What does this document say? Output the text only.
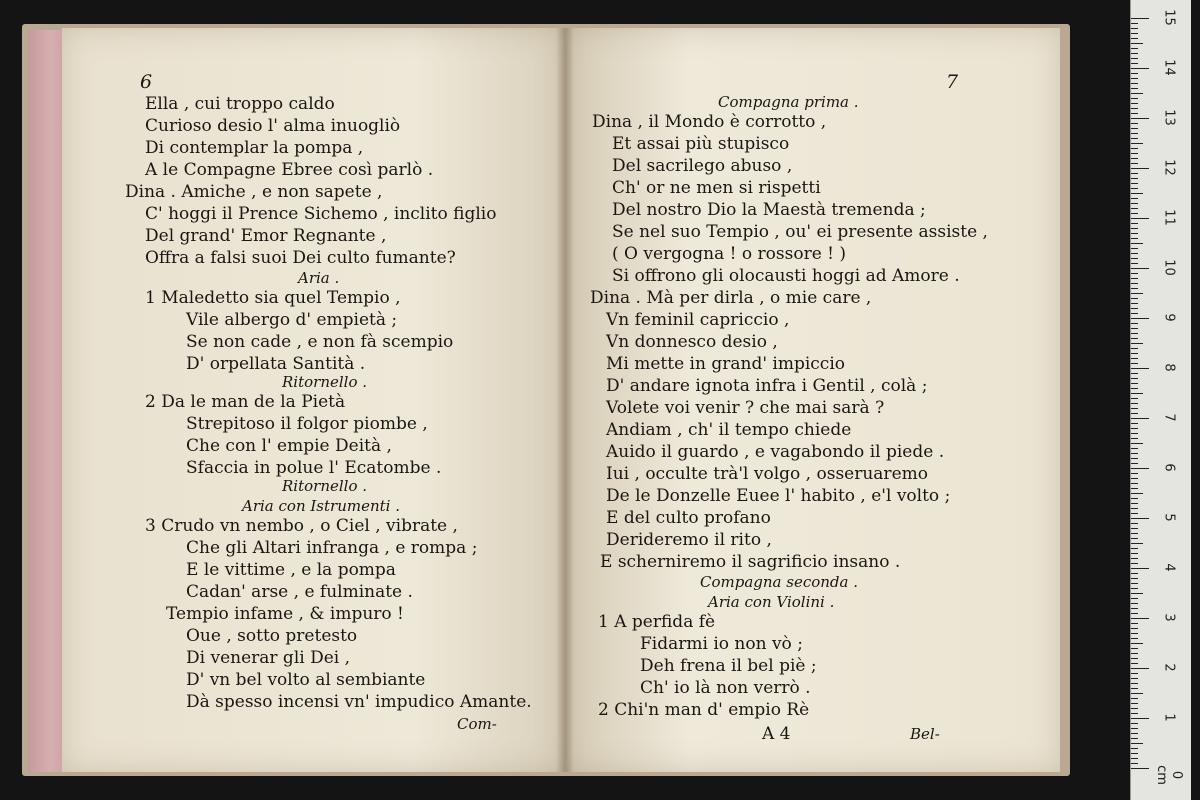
6
Ella , cui troppo caldo
Curioso desio l' alma inuogliò
Di contemplar la pompa ,
A le Compagne Ebree così parlò .
Dina . Amiche , e non sapete ,
C' hoggi il Prence Sichemo , inclito figlio
Del grand' Emor Regnante ,
Offra a falsi suoi Dei culto fumante?
Aria .
1 Maledetto sia quel Tempio ,
Vile albergo d' empietà ;
Se non cade , e non fà scempio
D' orpellata Santità .
Ritornello .
2 Da le man de la Pietà
Strepitoso il folgor piombe ,
Che con l' empie Deità ,
Sfaccia in polue l' Ecatombe .
Ritornello .
Aria con Istrumenti .
3 Crudo vn nembo , o Ciel , vibrate ,
Che gli Altari infranga , e rompa ;
E le vittime , e la pompa
Cadan' arse , e fulminate .
Tempio infame , & impuro !
Oue , sotto pretesto
Di venerar gli Dei ,
D' vn bel volto al sembiante
Dà spesso incensi vn' impudico Amante.
Com-
7
Compagna prima .
Dina , il Mondo è corrotto ,
Et assai più stupisco
Del sacrilego abuso ,
Ch' or ne men si rispetti
Del nostro Dio la Maestà tremenda ;
Se nel suo Tempio , ou' ei presente assiste ,
( O vergogna ! o rossore ! )
Si offrono gli olocausti hoggi ad Amore .
Dina . Mà per dirla , o mie care ,
Vn feminil capriccio ,
Vn donnesco desio ,
Mi mette in grand' impiccio
D' andare ignota infra i Gentil , colà ;
Volete voi venir ? che mai sarà ?
Andiam , ch' il tempo chiede
Auido il guardo , e vagabondo il piede .
Iui , occulte trà'l volgo , osseruaremo
De le Donzelle Euee l' habito , e'l volto ;
E del culto profano
Derideremo il rito ,
E scherniremo il sagrificio insano .
Compagna seconda .
Aria con Violini .
1 A perfida fè
Fidarmi io non vò ;
Deh frena il bel piè ;
Ch' io là non verrò .
2 Chi'n man d' empio Rè
A 4	Bel-
15
14
13
12
11
10
9
8
7
6
5
4
3
2
1
0 cm
